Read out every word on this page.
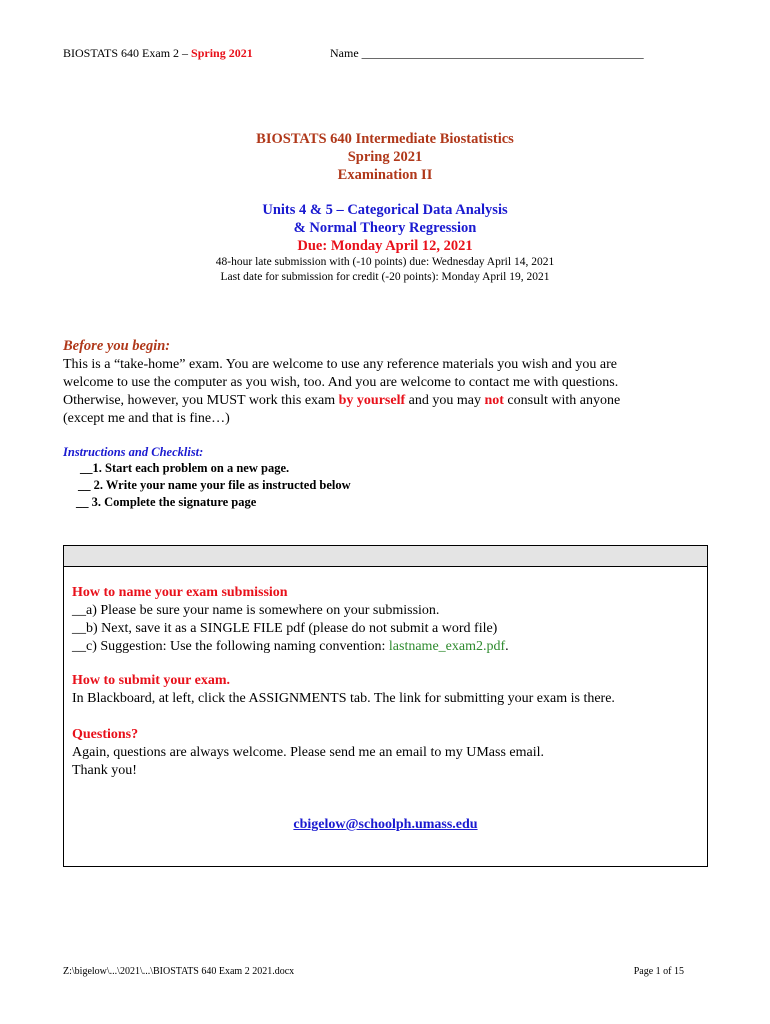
BIOSTATS 640 Exam 2 – Spring 2021	Name _______________________________________________
BIOSTATS 640 Intermediate Biostatistics
Spring 2021
Examination II
Units 4 & 5 – Categorical Data Analysis
& Normal Theory Regression
Due: Monday April 12, 2021
48-hour late submission with (-10 points) due: Wednesday April 14, 2021
Last date for submission for credit (-20 points): Monday April 19, 2021
Before you begin:
This is a “take-home” exam. You are welcome to use any reference materials you wish and you are
welcome to use the computer as you wish, too. And you are welcome to contact me with questions.
Otherwise, however, you MUST work this exam by yourself and you may not consult with anyone
(except me and that is fine…)
Instructions and Checklist:
__1. Start each problem on a new page.
__ 2. Write your name your file as instructed below
__ 3. Complete the signature page
How to name your exam submission
__a) Please be sure your name is somewhere on your submission.
__b) Next, save it as a SINGLE FILE pdf (please do not submit a word file)
__c) Suggestion: Use the following naming convention: lastname_exam2.pdf.
How to submit your exam.
In Blackboard, at left, click the ASSIGNMENTS tab. The link for submitting your exam is there.
Questions?
Again, questions are always welcome. Please send me an email to my UMass email.
Thank you!
cbigelow@schoolph.umass.edu
Z:\bigelow\...\2021\...\BIOSTATS 640 Exam 2 2021.docx	Page 1 of 15
